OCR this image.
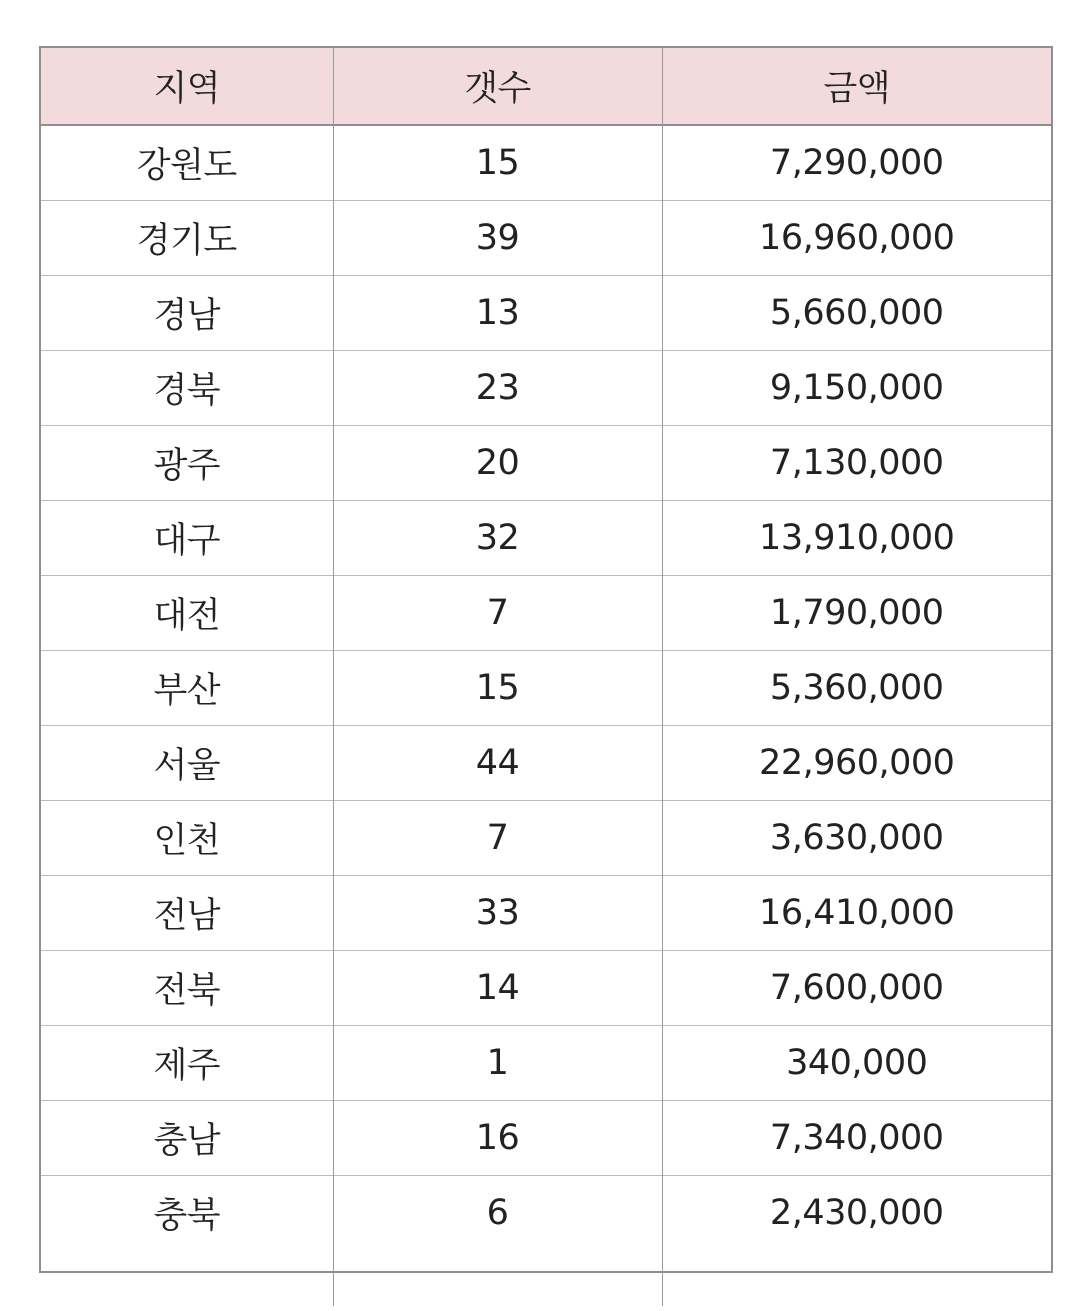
지역	갯수	금액
강원도	15	7,290,000
경기도	39	16,960,000
경남	13	5,660,000
경북	23	9,150,000
광주	20	7,130,000
대구	32	13,910,000
대전	7	1,790,000
부산	15	5,360,000
서울	44	22,960,000
인천	7	3,630,000
전남	33	16,410,000
전북	14	7,600,000
제주	1	340,000
충남	16	7,340,000
충북	6	2,430,000
